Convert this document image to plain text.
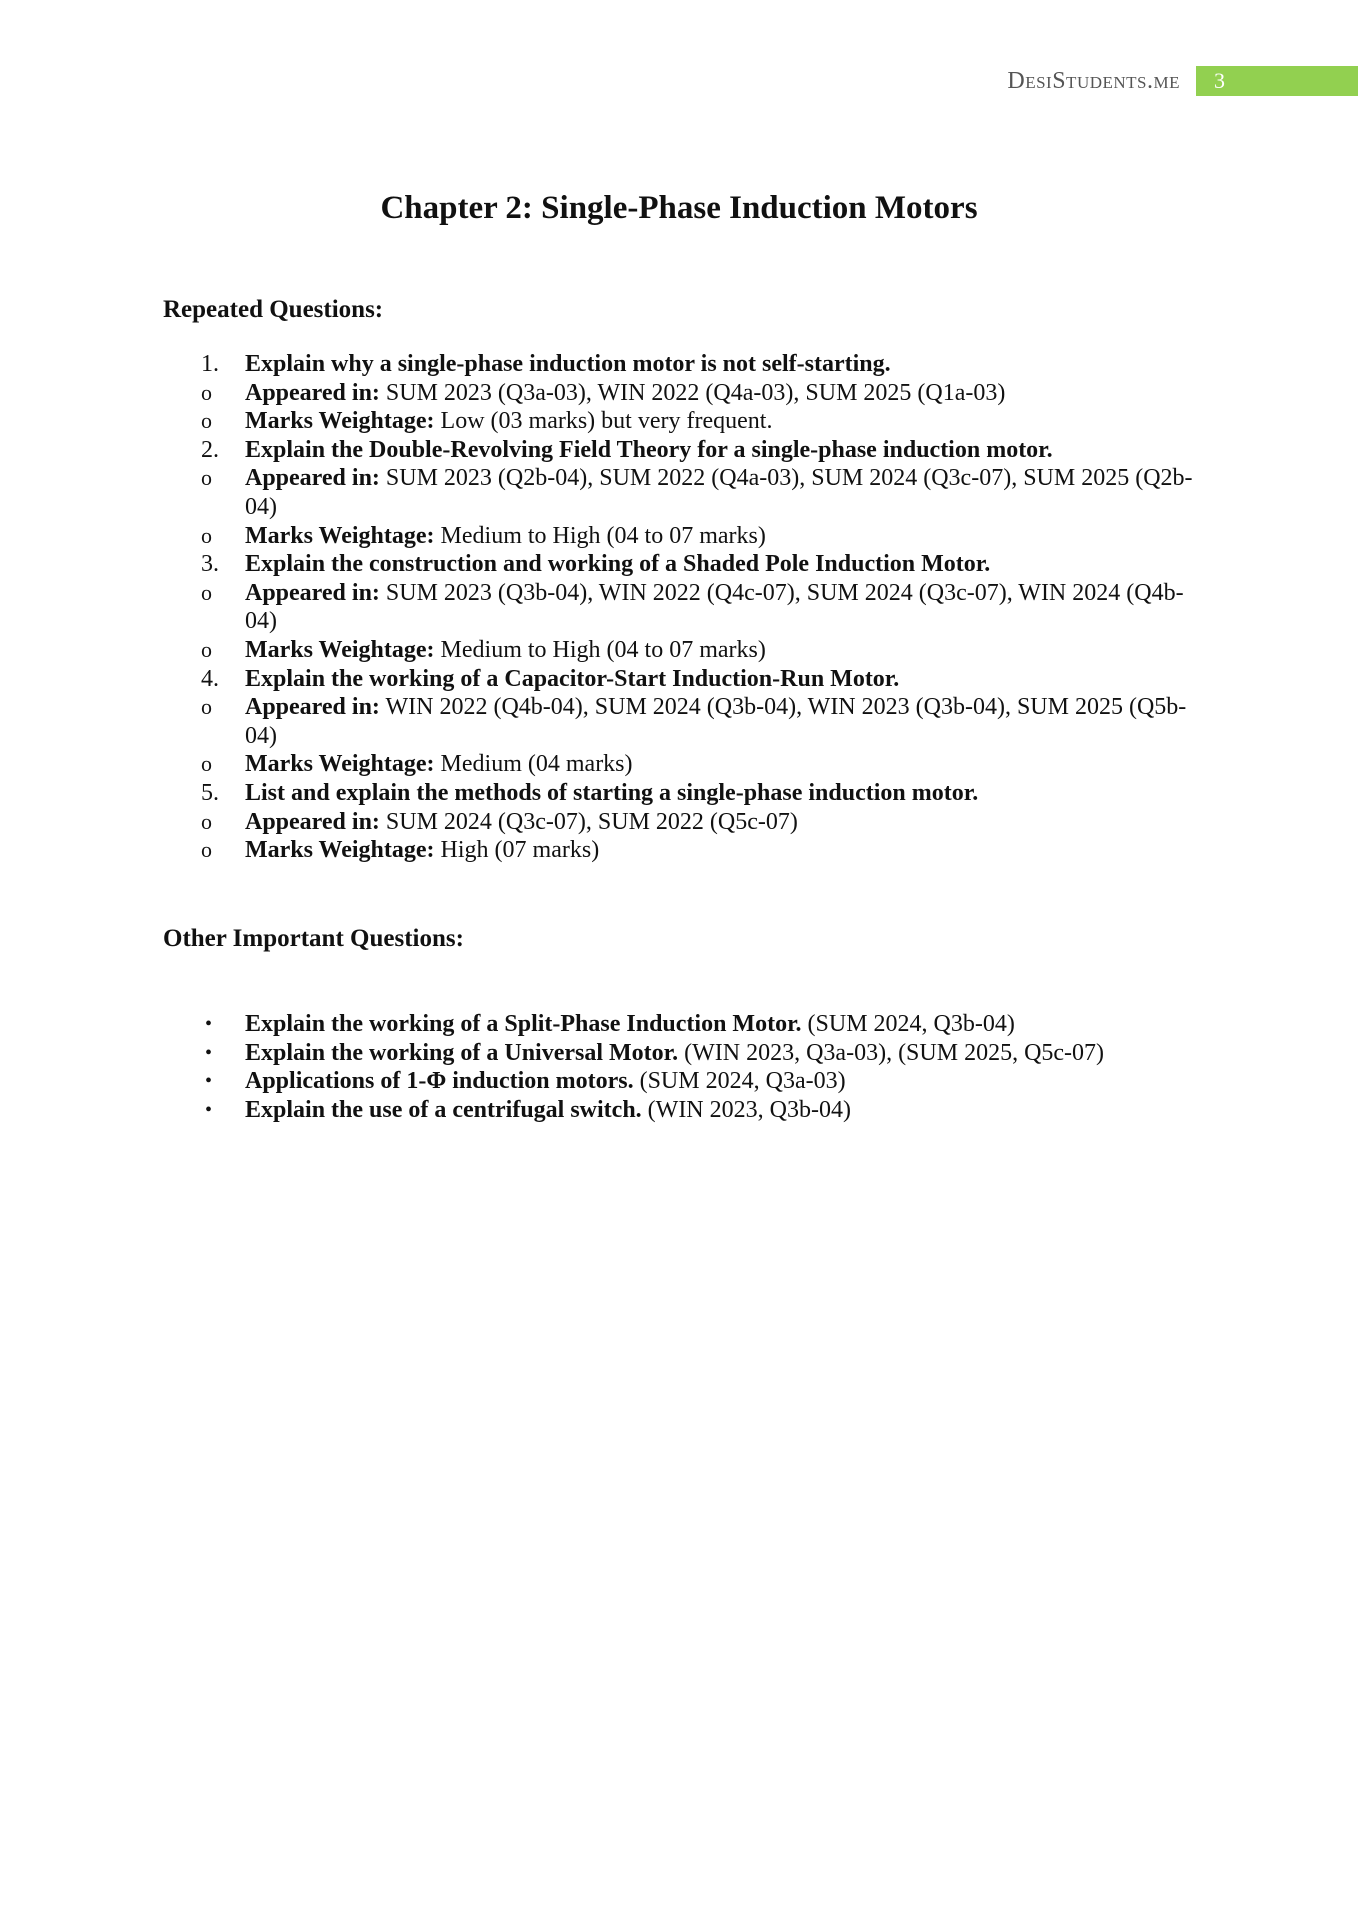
DesiStudents.me	3
Chapter 2: Single-Phase Induction Motors
Repeated Questions:
1.	Explain why a single-phase induction motor is not self-starting.
o Appeared in: SUM 2023 (Q3a-03), WIN 2022 (Q4a-03), SUM 2025 (Q1a-03)
o Marks Weightage: Low (03 marks) but very frequent.
2.	Explain the Double-Revolving Field Theory for a single-phase induction motor.
o Appeared in: SUM 2023 (Q2b-04), SUM 2022 (Q4a-03), SUM 2024 (Q3c-07), SUM 2025 (Q2b-04)
o Marks Weightage: Medium to High (04 to 07 marks)
3.	Explain the construction and working of a Shaded Pole Induction Motor.
o Appeared in: SUM 2023 (Q3b-04), WIN 2022 (Q4c-07), SUM 2024 (Q3c-07), WIN 2024 (Q4b-04)
o Marks Weightage: Medium to High (04 to 07 marks)
4.	Explain the working of a Capacitor-Start Induction-Run Motor.
o Appeared in: WIN 2022 (Q4b-04), SUM 2024 (Q3b-04), WIN 2023 (Q3b-04), SUM 2025 (Q5b-04)
o Marks Weightage: Medium (04 marks)
5.	List and explain the methods of starting a single-phase induction motor.
o Appeared in: SUM 2024 (Q3c-07), SUM 2022 (Q5c-07)
o Marks Weightage: High (07 marks)
Other Important Questions:
• Explain the working of a Split-Phase Induction Motor. (SUM 2024, Q3b-04)
• Explain the working of a Universal Motor. (WIN 2023, Q3a-03), (SUM 2025, Q5c-07)
• Applications of 1-Φ induction motors. (SUM 2024, Q3a-03)
• Explain the use of a centrifugal switch. (WIN 2023, Q3b-04)
